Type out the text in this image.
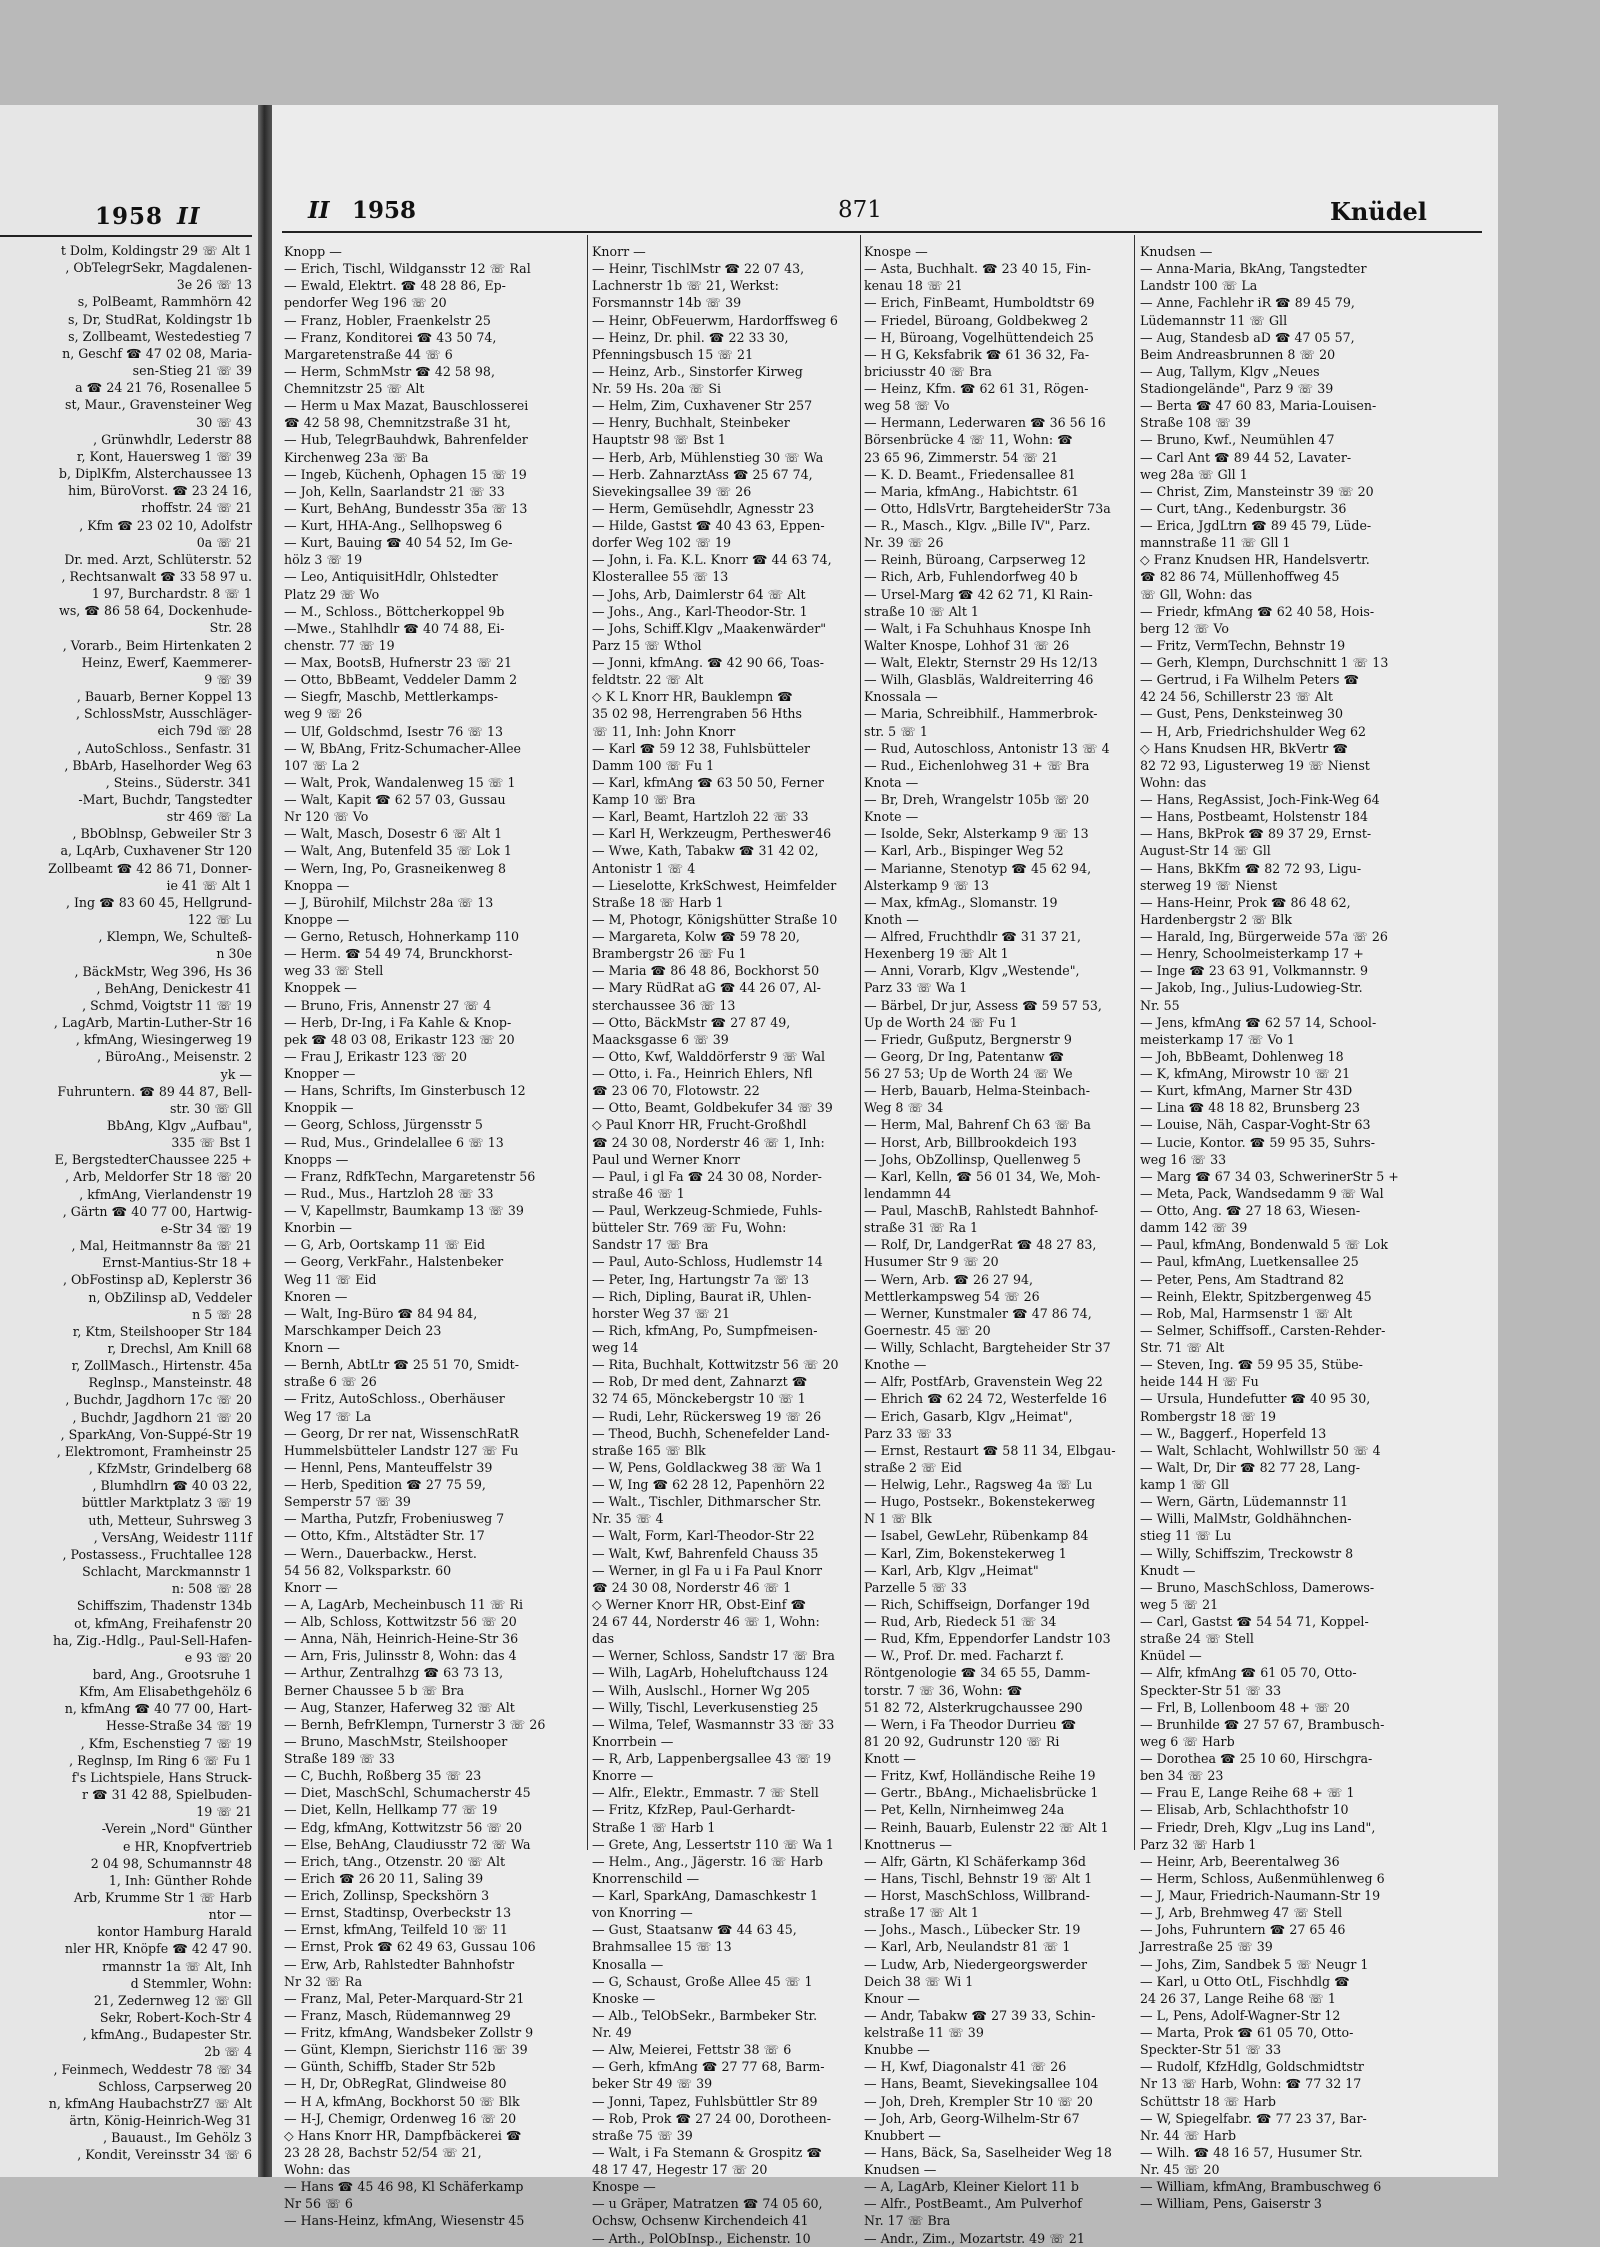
1958 II
t Dolm, Koldingstr 29 ☏ Alt 1
, ObTelegrSekr, Magdalenen-
3e 26 ☏ 13
s, PolBeamt, Rammhörn 42
s, Dr, StudRat, Koldingstr 1b
s, Zollbeamt, Westedestieg 7
n, Geschf ☎ 47 02 08, Maria-
sen-Stieg 21 ☏ 39
a ☎ 24 21 76, Rosenallee 5
st, Maur., Gravensteiner Weg
30 ☏ 43
, Grünwhdlr, Lederstr 88
r, Kont, Hauersweg 1 ☏ 39
b, DiplKfm, Alsterchaussee 13
him, BüroVorst. ☎ 23 24 16,
rhoffstr. 24 ☏ 21
, Kfm ☎ 23 02 10, Adolfstr
0a ☏ 21
Dr. med. Arzt, Schlüterstr. 52
, Rechtsanwalt ☎ 33 58 97 u.
1 97, Burchardstr. 8 ☏ 1
ws, ☎ 86 58 64, Dockenhude-
Str. 28
, Vorarb., Beim Hirtenkaten 2
Heinz, Ewerf, Kaemmerer-
9 ☏ 39
, Bauarb, Berner Koppel 13
, SchlossMstr, Ausschläger-
eich 79d ☏ 28
, AutoSchloss., Senfastr. 31
, BbArb, Haselhorder Weg 63
, Steins., Süderstr. 341
-Mart, Buchdr, Tangstedter
str 469 ☏ La
, BbOblnsp, Gebweiler Str 3
a, LqArb, Cuxhavener Str 120
Zollbeamt ☎ 42 86 71, Donner-
ie 41 ☏ Alt 1
, Ing ☎ 83 60 45, Hellgrund-
122 ☏ Lu
, Klempn, We, Schulteß-
n 30e
, BäckMstr, Weg 396, Hs 36
, BehAng, Denickestr 41
, Schmd, Voigtstr 11 ☏ 19
, LagArb, Martin-Luther-Str 16
, kfmAng, Wiesingerweg 19
, BüroAng., Meisenstr. 2
yk —
Fuhruntern. ☎ 89 44 87, Bell-
str. 30 ☏ Gll
BbAng, Klgv „Aufbau",
335 ☏ Bst 1
E, BergstedterChaussee 225 +
, Arb, Meldorfer Str 18 ☏ 20
, kfmAng, Vierlandenstr 19
, Gärtn ☎ 40 77 00, Hartwig-
e-Str 34 ☏ 19
, Mal, Heitmannstr 8a ☏ 21
Ernst-Mantius-Str 18 +
, ObFostinsp aD, Keplerstr 36
n, ObZilinsp aD, Veddeler
n 5 ☏ 28
r, Ktm, Steilshooper Str 184
r, Drechsl, Am Knill 68
r, ZollMasch., Hirtenstr. 45a
Reglnsp., Mansteinstr. 48
, Buchdr, Jagdhorn 17c ☏ 20
, Buchdr, Jagdhorn 21 ☏ 20
, SparkAng, Von-Suppé-Str 19
, Elektromont, Framheinstr 25
, KfzMstr, Grindelberg 68
, Blumhdlrn ☎ 40 03 22,
büttler Marktplatz 3 ☏ 19
uth, Metteur, Suhrsweg 3
, VersAng, Weidestr 111f
, Postassess., Fruchtallee 128
Schlacht, Marckmannstr 1
n: 508 ☏ 28
Schiffszim, Thadenstr 134b
ot, kfmAng, Freihafenstr 20
ha, Zig.-Hdlg., Paul-Sell-Hafen-
e 93 ☏ 20
bard, Ang., Grootsruhe 1
Kfm, Am Elisabethgehölz 6
n, kfmAng ☎ 40 77 00, Hart-
Hesse-Straße 34 ☏ 19
, Kfm, Eschenstieg 7 ☏ 19
, Reglnsp, Im Ring 6 ☏ Fu 1
f's Lichtspiele, Hans Struck-
r ☎ 31 42 88, Spielbuden-
19 ☏ 21
-Verein „Nord" Günther
e HR, Knopfvertrieb
2 04 98, Schumannstr 48
1, Inh: Günther Rohde
Arb, Krumme Str 1 ☏ Harb
ntor —
kontor Hamburg Harald
nler HR, Knöpfe ☎ 42 47 90.
rmannstr 1a ☏ Alt, Inh
d Stemmler, Wohn:
21, Zedernweg 12 ☏ Gll
Sekr, Robert-Koch-Str 4
, kfmAng., Budapester Str.
2b ☏ 4
, Feinmech, Weddestr 78 ☏ 34
Schloss, Carpserweg 20
n, kfmAng HaubachstrZ7 ☏ Alt
ärtn, König-Heinrich-Weg 31
, Bauaust., Im Gehölz 3
, Kondit, Vereinsstr 34 ☏ 6
II 1958	871	Knüdel
Knopp —
— Erich, Tischl, Wildgansstr 12 ☏ Ral
— Ewald, Elektrt. ☎ 48 28 86, Ep-
pendorfer Weg 196 ☏ 20
— Franz, Hobler, Fraenkelstr 25
— Franz, Konditorei ☎ 43 50 74,
Margaretenstraße 44 ☏ 6
— Herm, SchmMstr ☎ 42 58 98,
Chemnitzstr 25 ☏ Alt
— Herm u Max Mazat, Bauschlosserei
☎ 42 58 98, Chemnitzstraße 31 ht,
— Hub, TelegrBauhdwk, Bahrenfelder
Kirchenweg 23a ☏ Ba
— Ingeb, Küchenh, Ophagen 15 ☏ 19
— Joh, Kelln, Saarlandstr 21 ☏ 33
— Kurt, BehAng, Bundesstr 35a ☏ 13
— Kurt, HHA-Ang., Sellhopsweg 6
— Kurt, Bauing ☎ 40 54 52, Im Ge-
hölz 3 ☏ 19
— Leo, AntiquisitHdlr, Ohlstedter
Platz 29 ☏ Wo
— M., Schloss., Böttcherkoppel 9b
—Mwe., Stahlhdlr ☎ 40 74 88, Ei-
chenstr. 77 ☏ 19
— Max, BootsB, Hufnerstr 23 ☏ 21
— Otto, BbBeamt, Veddeler Damm 2
— Siegfr, Maschb, Mettlerkamps-
weg 9 ☏ 26
— Ulf, Goldschmd, Isestr 76 ☏ 13
— W, BbAng, Fritz-Schumacher-Allee
107 ☏ La 2
— Walt, Prok, Wandalenweg 15 ☏ 1
— Walt, Kapit ☎ 62 57 03, Gussau
Nr 120 ☏ Vo
— Walt, Masch, Dosestr 6 ☏ Alt 1
— Walt, Ang, Butenfeld 35 ☏ Lok 1
— Wern, Ing, Po, Grasneikenweg 8
Knoppa —
— J, Bürohilf, Milchstr 28a ☏ 13
Knoppe —
— Gerno, Retusch, Hohnerkamp 110
— Herm. ☎ 54 49 74, Brunckhorst-
weg 33 ☏ Stell
Knoppek —
— Bruno, Fris, Annenstr 27 ☏ 4
— Herb, Dr-Ing, i Fa Kahle & Knop-
pek ☎ 48 03 08, Erikastr 123 ☏ 20
— Frau J, Erikastr 123 ☏ 20
Knopper —
— Hans, Schrifts, Im Ginsterbusch 12
Knoppik —
— Georg, Schloss, Jürgensstr 5
— Rud, Mus., Grindelallee 6 ☏ 13
Knopps —
— Franz, RdfkTechn, Margaretenstr 56
— Rud., Mus., Hartzloh 28 ☏ 33
— V, Kapellmstr, Baumkamp 13 ☏ 39
Knorbin —
— G, Arb, Oortskamp 11 ☏ Eid
— Georg, VerkFahr., Halstenbeker
Weg 11 ☏ Eid
Knoren —
— Walt, Ing-Büro ☎ 84 94 84,
Marschkamper Deich 23
Knorn —
— Bernh, AbtLtr ☎ 25 51 70, Smidt-
straße 6 ☏ 26
— Fritz, AutoSchloss., Oberhäuser
Weg 17 ☏ La
— Georg, Dr rer nat, WissenschRatR
Hummelsbütteler Landstr 127 ☏ Fu
— Hennl, Pens, Manteuffelstr 39
— Herb, Spedition ☎ 27 75 59,
Semperstr 57 ☏ 39
— Martha, Putzfr, Frobeniusweg 7
— Otto, Kfm., Altstädter Str. 17
— Wern., Dauerbackw., Herst.
54 56 82, Volksparkstr. 60
Knorr —
— A, LagArb, Mecheinbusch 11 ☏ Ri
— Alb, Schloss, Kottwitzstr 56 ☏ 20
— Anna, Näh, Heinrich-Heine-Str 36
— Arn, Fris, Julinsstr 8, Wohn: das 4
— Arthur, Zentralhzg ☎ 63 73 13,
Berner Chaussee 5 b ☏ Bra
— Aug, Stanzer, Haferweg 32 ☏ Alt
— Bernh, BefrKlempn, Turnerstr 3 ☏ 26
— Bruno, MaschMstr, Steilshooper
Straße 189 ☏ 33
— C, Buchh, Roßberg 35 ☏ 23
— Diet, MaschSchl, Schumacherstr 45
— Diet, Kelln, Hellkamp 77 ☏ 19
— Edg, kfmAng, Kottwitzstr 56 ☏ 20
— Else, BehAng, Claudiusstr 72 ☏ Wa
— Erich, tAng., Otzenstr. 20 ☏ Alt
— Erich ☎ 26 20 11, Saling 39
— Erich, Zollinsp, Speckshörn 3
— Ernst, Stadtinsp, Overbeckstr 13
— Ernst, kfmAng, Teilfeld 10 ☏ 11
— Ernst, Prok ☎ 62 49 63, Gussau 106
— Erw, Arb, Rahlstedter Bahnhofstr
Nr 32 ☏ Ra
— Franz, Mal, Peter-Marquard-Str 21
— Franz, Masch, Rüdemannweg 29
— Fritz, kfmAng, Wandsbeker Zollstr 9
— Günt, Klempn, Sierichstr 116 ☏ 39
— Günth, Schiffb, Stader Str 52b
— H, Dr, ObRegRat, Glindweise 80
— H A, kfmAng, Bockhorst 50 ☏ Blk
— H-J, Chemigr, Ordenweg 16 ☏ 20
◇ Hans Knorr HR, Dampfbäckerei ☎
23 28 28, Bachstr 52/54 ☏ 21,
Wohn: das
— Hans ☎ 45 46 98, Kl Schäferkamp
Nr 56 ☏ 6
— Hans-Heinz, kfmAng, Wiesenstr 45
Knorr —
— Heinr, TischlMstr ☎ 22 07 43,
Lachnerstr 1b ☏ 21, Werkst:
Forsmannstr 14b ☏ 39
— Heinr, ObFeuerwm, Hardorffsweg 6
— Heinz, Dr. phil. ☎ 22 33 30,
Pfenningsbusch 15 ☏ 21
— Heinz, Arb., Sinstorfer Kirweg
Nr. 59 Hs. 20a ☏ Si
— Helm, Zim, Cuxhavener Str 257
— Henry, Buchhalt, Steinbeker
Hauptstr 98 ☏ Bst 1
— Herb, Arb, Mühlenstieg 30 ☏ Wa
— Herb. ZahnarztAss ☎ 25 67 74,
Sievekingsallee 39 ☏ 26
— Herm, Gemüsehdlr, Agnesstr 23
— Hilde, Gastst ☎ 40 43 63, Eppen-
dorfer Weg 102 ☏ 19
— John, i. Fa. K.L. Knorr ☎ 44 63 74,
Klosterallee 55 ☏ 13
— Johs, Arb, Daimlerstr 64 ☏ Alt
— Johs., Ang., Karl-Theodor-Str. 1
— Johs, Schiff.Klgv „Maakenwärder"
Parz 15 ☏ Wthol
— Jonni, kfmAng. ☎ 42 90 66, Toas-
feldtstr. 22 ☏ Alt
◇ K L Knorr HR, Bauklempn ☎
35 02 98, Herrengraben 56 Hths
☏ 11, Inh: John Knorr
— Karl ☎ 59 12 38, Fuhlsbütteler
Damm 100 ☏ Fu 1
— Karl, kfmAng ☎ 63 50 50, Ferner
Kamp 10 ☏ Bra
— Karl, Beamt, Hartzloh 22 ☏ 33
— Karl H, Werkzeugm, Pertheswег46
— Wwe, Kath, Tabakw ☎ 31 42 02,
Antonistr 1 ☏ 4
— Lieselotte, KrkSchwest, Heimfelder
Straße 18 ☏ Harb 1
— M, Photogr, Königshütter Straße 10
— Margareta, Kolw ☎ 59 78 20,
Brambergstr 26 ☏ Fu 1
— Maria ☎ 86 48 86, Bockhorst 50
— Mary RüdRat aG ☎ 44 26 07, Al-
sterchaussee 36 ☏ 13
— Otto, BäckMstr ☎ 27 87 49,
Maacksgasse 6 ☏ 39
— Otto, Kwf, Walddörferstr 9 ☏ Wal
— Otto, i. Fa., Heinrich Ehlers, Nfl
☎ 23 06 70, Flotowstr. 22
— Otto, Beamt, Goldbekufer 34 ☏ 39
◇ Paul Knorr HR, Frucht-Großhdl
☎ 24 30 08, Norderstr 46 ☏ 1, Inh:
Paul und Werner Knorr
— Paul, i gl Fa ☎ 24 30 08, Norder-
straße 46 ☏ 1
— Paul, Werkzeug-Schmiede, Fuhls-
bütteler Str. 769 ☏ Fu, Wohn:
Sandstr 17 ☏ Bra
— Paul, Auto-Schloss, Hudlemstr 14
— Peter, Ing, Hartungstr 7a ☏ 13
— Rich, Dipling, Baurat iR, Uhlen-
horster Weg 37 ☏ 21
— Rich, kfmAng, Po, Sumpfmeisen-
weg 14
— Rita, Buchhalt, Kottwitzstr 56 ☏ 20
— Rob, Dr med dent, Zahnarzt ☎
32 74 65, Mönckebergstr 10 ☏ 1
— Rudi, Lehr, Rückersweg 19 ☏ 26
— Theod, Buchh, Schenefelder Land-
straße 165 ☏ Blk
— W, Pens, Goldlackweg 38 ☏ Wa 1
— W, Ing ☎ 62 28 12, Papenhörn 22
— Walt., Tischler, Dithmarscher Str.
Nr. 35 ☏ 4
— Walt, Form, Karl-Theodor-Str 22
— Walt, Kwf, Bahrenfeld Chauss 35
— Werner, in gl Fa u i Fa Paul Knorr
☎ 24 30 08, Norderstr 46 ☏ 1
◇ Werner Knorr HR, Obst-Einf ☎
24 67 44, Norderstr 46 ☏ 1, Wohn:
das
— Werner, Schloss, Sandstr 17 ☏ Bra
— Wilh, LagArb, Hoheluftchauss 124
— Wilh, Auslschl., Horner Wg 205
— Willy, Tischl, Leverkusenstieg 25
— Wilma, Telef, Wasmannstr 33 ☏ 33
Knorrbein —
— R, Arb, Lappenbergsallee 43 ☏ 19
Knorre —
— Alfr., Elektr., Emmastr. 7 ☏ Stell
— Fritz, KfzRep, Paul-Gerhardt-
Straße 1 ☏ Harb 1
— Grete, Ang, Lessertstr 110 ☏ Wa 1
— Helm., Ang., Jägerstr. 16 ☏ Harb
Knorrenschild —
— Karl, SparkAng, Damaschkestr 1
von Knorring —
— Gust, Staatsanw ☎ 44 63 45,
Brahmsallee 15 ☏ 13
Knosalla —
— G, Schaust, Große Allee 45 ☏ 1
Knoske —
— Alb., TelObSekr., Barmbeker Str.
Nr. 49
— Alw, Meierei, Fettstr 38 ☏ 6
— Gerh, kfmAng ☎ 27 77 68, Barm-
beker Str 49 ☏ 39
— Jonni, Tapez, Fuhlsbüttler Str 89
— Rob, Prok ☎ 27 24 00, Dorotheen-
straße 75 ☏ 39
— Walt, i Fa Stemann & Grospitz ☎
48 17 47, Hegestr 17 ☏ 20
Knospe —
— u Gräper, Matratzen ☎ 74 05 60,
Ochsw, Ochsenw Kirchendeich 41
— Arth., PolObInsp., Eichenstr. 10
Knospe —
— Asta, Buchhalt. ☎ 23 40 15, Fin-
kenau 18 ☏ 21
— Erich, FinBeamt, Humboldtstr 69
— Friedel, Büroang, Goldbekweg 2
— H, Büroang, Vogelhüttendeich 25
— H G, Keksfabrik ☎ 61 36 32, Fa-
briciusstr 40 ☏ Bra
— Heinz, Kfm. ☎ 62 61 31, Rögen-
weg 58 ☏ Vo
— Hermann, Lederwaren ☎ 36 56 16
Börsenbrücke 4 ☏ 11, Wohn: ☎
23 65 96, Zimmerstr. 54 ☏ 21
— K. D. Beamt., Friedensallee 81
— Maria, kfmAng., Habichtstr. 61
— Otto, HdlsVrtr, BargteheiderStr 73a
— R., Masch., Klgv. „Bille IV", Parz.
Nr. 39 ☏ 26
— Reinh, Büroang, Carpserweg 12
— Rich, Arb, Fuhlendorfweg 40 b
— Ursel-Marg ☎ 42 62 71, Kl Rain-
straße 10 ☏ Alt 1
— Walt, i Fa Schuhhaus Knospe Inh
Walter Knospe, Lohhof 31 ☏ 26
— Walt, Elektr, Sternstr 29 Hs 12/13
— Wilh, Glasbläs, Waldreiterring 46
Knossala —
— Maria, Schreibhilf., Hammerbrok-
str. 5 ☏ 1
— Rud, Autoschloss, Antonistr 13 ☏ 4
— Rud., Eichenlohweg 31 + ☏ Bra
Knota —
— Br, Dreh, Wrangelstr 105b ☏ 20
Knote —
— Isolde, Sekr, Alsterkamp 9 ☏ 13
— Karl, Arb., Bispinger Weg 52
— Marianne, Stenotyp ☎ 45 62 94,
Alsterkamp 9 ☏ 13
— Max, kfmAg., Slomanstr. 19
Knoth —
— Alfred, Fruchthdlr ☎ 31 37 21,
Hexenberg 19 ☏ Alt 1
— Anni, Vorarb, Klgv „Westende",
Parz 33 ☏ Wa 1
— Bärbel, Dr jur, Assess ☎ 59 57 53,
Up de Worth 24 ☏ Fu 1
— Friedr, Gußputz, Bergnerstr 9
— Georg, Dr Ing, Patentanw ☎
56 27 53; Up de Worth 24 ☏ We
— Herb, Bauarb, Helma-Steinbach-
Weg 8 ☏ 34
— Herm, Mal, Bahrenf Ch 63 ☏ Ba
— Horst, Arb, Billbrookdeich 193
— Johs, ObZollinsp, Quellenweg 5
— Karl, Kelln, ☎ 56 01 34, We, Moh-
lendammn 44
— Paul, MaschB, Rahlstedt Bahnhof-
straße 31 ☏ Ra 1
— Rolf, Dr, LandgerRat ☎ 48 27 83,
Husumer Str 9 ☏ 20
— Wern, Arb. ☎ 26 27 94,
Mettlerkampsweg 54 ☏ 26
— Werner, Kunstmaler ☎ 47 86 74,
Goernestr. 45 ☏ 20
— Willy, Schlacht, Bargteheider Str 37
Knothe —
— Alfr, PostfArb, Gravenstein Weg 22
— Ehrich ☎ 62 24 72, Westerfelde 16
— Erich, Gasarb, Klgv „Heimat",
Parz 33 ☏ 33
— Ernst, Restaurt ☎ 58 11 34, Elbgau-
straße 2 ☏ Eid
— Helwig, Lehr., Ragsweg 4a ☏ Lu
— Hugo, Postsekr., Bokenstekerweg
N 1 ☏ Blk
— Isabel, GewLehr, Rübenkamp 84
— Karl, Zim, Bokenstekerweg 1
— Karl, Arb, Klgv „Heimat"
Parzelle 5 ☏ 33
— Rich, Schiffseign, Dorfanger 19d
— Rud, Arb, Riedeck 51 ☏ 34
— Rud, Kfm, Eppendorfer Landstr 103
— W., Prof. Dr. med. Facharzt f.
Röntgenologie ☎ 34 65 55, Damm-
torstr. 7 ☏ 36, Wohn: ☎
51 82 72, Alsterkrugchaussee 290
— Wern, i Fa Theodor Durrieu ☎
81 20 92, Gudrunstr 120 ☏ Ri
Knott —
— Fritz, Kwf, Holländische Reihe 19
— Gertr., BbAng., Michaelisbrücke 1
— Pet, Kelln, Nirnheimweg 24a
— Reinh, Bauarb, Eulenstr 22 ☏ Alt 1
Knottnerus —
— Alfr, Gärtn, Kl Schäferkamp 36d
— Hans, Tischl, Behnstr 19 ☏ Alt 1
— Horst, MaschSchloss, Willbrand-
straße 17 ☏ Alt 1
— Johs., Masch., Lübecker Str. 19
— Karl, Arb, Neulandstr 81 ☏ 1
— Ludw, Arb, Niedergeorgswerder
Deich 38 ☏ Wi 1
Knour —
— Andr, Tabakw ☎ 27 39 33, Schin-
kelstraße 11 ☏ 39
Knubbe —
— H, Kwf, Diagonalstr 41 ☏ 26
— Hans, Beamt, Sievekingsallee 104
— Joh, Dreh, Krempler Str 10 ☏ 20
— Joh, Arb, Georg-Wilhelm-Str 67
Knubbert —
— Hans, Bäck, Sa, Saselheider Weg 18
Knudsen —
— A, LagArb, Kleiner Kielort 11 b
— Alfr., PostBeamt., Am Pulverhof
Nr. 17 ☏ Bra
— Andr., Zim., Mozartstr. 49 ☏ 21
Knudsen —
— Anna-Maria, BkAng, Tangstedter
Landstr 100 ☏ La
— Anne, Fachlehr iR ☎ 89 45 79,
Lüdemannstr 11 ☏ Gll
— Aug, Standesb aD ☎ 47 05 57,
Beim Andreasbrunnen 8 ☏ 20
— Aug, Tallym, Klgv „Neues
Stadiongelände", Parz 9 ☏ 39
— Berta ☎ 47 60 83, Maria-Louisen-
Straße 108 ☏ 39
— Bruno, Kwf., Neumühlen 47
— Carl Ant ☎ 89 44 52, Lavater-
weg 28a ☏ Gll 1
— Christ, Zim, Mansteinstr 39 ☏ 20
— Curt, tAng., Kedenburgstr. 36
— Erica, JgdLtrn ☎ 89 45 79, Lüde-
mannstraße 11 ☏ Gll 1
◇ Franz Knudsen HR, Handelsvertr.
☎ 82 86 74, Müllenhoffweg 45
☏ Gll, Wohn: das
— Friedr, kfmAng ☎ 62 40 58, Hois-
berg 12 ☏ Vo
— Fritz, VermTechn, Behnstr 19
— Gerh, Klempn, Durchschnitt 1 ☏ 13
— Gertrud, i Fa Wilhelm Peters ☎
42 24 56, Schillerstr 23 ☏ Alt
— Gust, Pens, Denksteinweg 30
— H, Arb, Friedrichshulder Weg 62
◇ Hans Knudsen HR, BkVertr ☎
82 72 93, Ligusterweg 19 ☏ Nienst
Wohn: das
— Hans, RegAssist, Joch-Fink-Weg 64
— Hans, Postbeamt, Holstenstr 184
— Hans, BkProk ☎ 89 37 29, Ernst-
August-Str 14 ☏ Gll
— Hans, BkKfm ☎ 82 72 93, Ligu-
sterweg 19 ☏ Nienst
— Hans-Heinr, Prok ☎ 86 48 62,
Hardenbergstr 2 ☏ Blk
— Harald, Ing, Bürgerweide 57a ☏ 26
— Henry, Schoolmeisterkamp 17 +
— Inge ☎ 23 63 91, Volkmannstr. 9
— Jakob, Ing., Julius-Ludowieg-Str.
Nr. 55
— Jens, kfmAng ☎ 62 57 14, School-
meisterkamp 17 ☏ Vo 1
— Joh, BbBeamt, Dohlenweg 18
— K, kfmAng, Mirowstr 10 ☏ 21
— Kurt, kfmAng, Marner Str 43D
— Lina ☎ 48 18 82, Brunsberg 23
— Louise, Näh, Caspar-Voght-Str 63
— Lucie, Kontor. ☎ 59 95 35, Suhrs-
weg 16 ☏ 33
— Marg ☎ 67 34 03, SchwerinerStr 5 +
— Meta, Pack, Wandsedamm 9 ☏ Wal
— Otto, Ang. ☎ 27 18 63, Wiesen-
damm 142 ☏ 39
— Paul, kfmAng, Bondenwald 5 ☏ Lok
— Paul, kfmAng, Luetkensallee 25
— Peter, Pens, Am Stadtrand 82
— Reinh, Elektr, Spitzbergenweg 45
— Rob, Mal, Harmsenstr 1 ☏ Alt
— Selmer, Schiffsoff., Carsten-Rehder-
Str. 71 ☏ Alt
— Steven, Ing. ☎ 59 95 35, Stübe-
heide 144 H ☏ Fu
— Ursula, Hundefutter ☎ 40 95 30,
Rombergstr 18 ☏ 19
— W., Baggerf., Hoperfeld 13
— Walt, Schlacht, Wohlwillstr 50 ☏ 4
— Walt, Dr, Dir ☎ 82 77 28, Lang-
kamp 1 ☏ Gll
— Wern, Gärtn, Lüdemannstr 11
— Willi, MalMstr, Goldhähnchen-
stieg 11 ☏ Lu
— Willy, Schiffszim, Treckowstr 8
Knudt —
— Bruno, MaschSchloss, Damerows-
weg 5 ☏ 21
— Carl, Gastst ☎ 54 54 71, Koppel-
straße 24 ☏ Stell
Knüdel —
— Alfr, kfmAng ☎ 61 05 70, Otto-
Speckter-Str 51 ☏ 33
— Frl, B, Lollenboom 48 + ☏ 20
— Brunhilde ☎ 27 57 67, Brambusch-
weg 6 ☏ Harb
— Dorothea ☎ 25 10 60, Hirschgra-
ben 34 ☏ 23
— Frau E, Lange Reihe 68 + ☏ 1
— Elisab, Arb, Schlachthofstr 10
— Friedr, Dreh, Klgv „Lug ins Land",
Parz 32 ☏ Harb 1
— Heinr, Arb, Beerentalweg 36
— Herm, Schloss, Außenmühlenweg 6
— J, Maur, Friedrich-Naumann-Str 19
— J, Arb, Brehmweg 47 ☏ Stell
— Johs, Fuhruntern ☎ 27 65 46
Jarrestraße 25 ☏ 39
— Johs, Zim, Sandbek 5 ☏ Neugr 1
— Karl, u Otto OtL, Fischhdlg ☎
24 26 37, Lange Reihe 68 ☏ 1
— L, Pens, Adolf-Wagner-Str 12
— Marta, Prok ☎ 61 05 70, Otto-
Speckter-Str 51 ☏ 33
— Rudolf, KfzHdlg, Goldschmidtstr
Nr 13 ☏ Harb, Wohn: ☎ 77 32 17
Schüttstr 18 ☏ Harb
— W, Spiegelfabr. ☎ 77 23 37, Bar-
Nr. 44 ☏ Harb
— Wilh. ☎ 48 16 57, Husumer Str.
Nr. 45 ☏ 20
— William, kfmAng, Brambuschweg 6
— William, Pens, Gaiserstr 3
